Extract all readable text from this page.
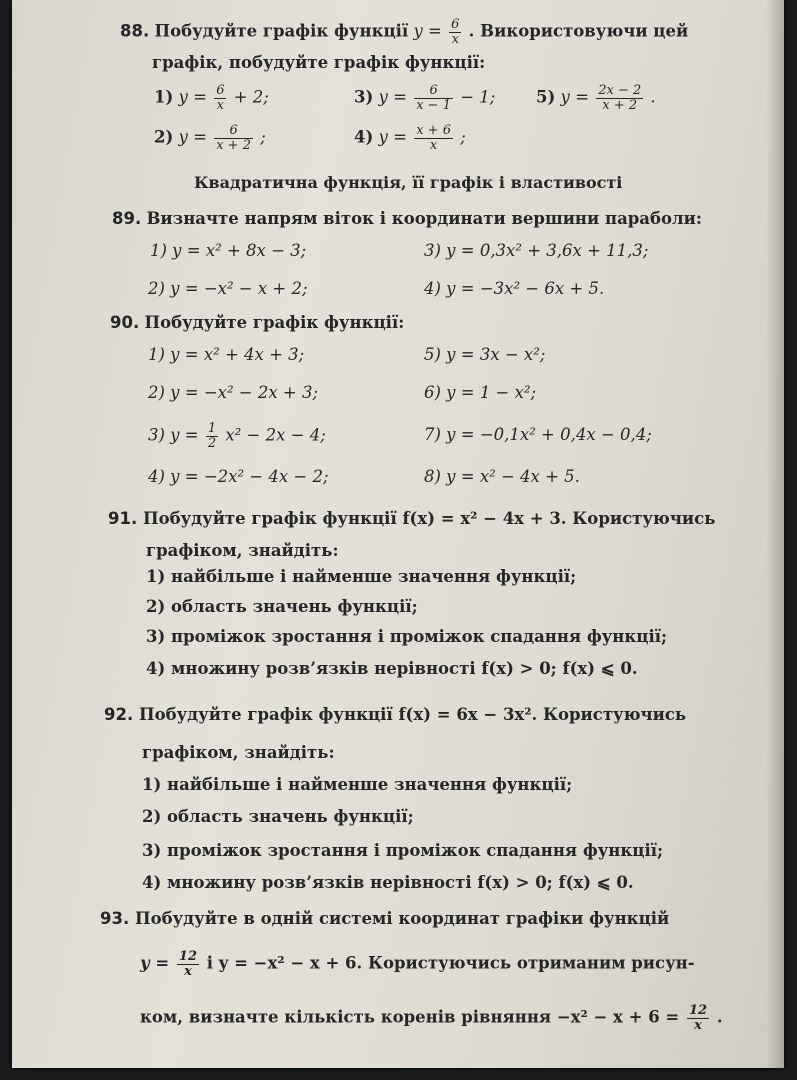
88. Побудуйте графік функції $y = \frac{6}{x}$ . Використовуючи цей
графік, побудуйте графік функції:
1) $y = \frac{6}{x} + 2$;	3) $y = \frac{6}{x - 1} - 1$; 5) $y = \frac{2x - 2}{x + 2}$ .
2) $y = \frac{6}{x + 2}$ ;	4) $y = \frac{x + 6}{x}$ ;
Квадратична функція, її графік і властивості
89. Визначте напрям віток і координати вершини параболи:
1) y = x² + 8x − 3;	3) y = 0,3x² + 3,6x + 11,3;
2) y = −x² − x + 2;	4) y = −3x² − 6x + 5.
90. Побудуйте графік функції:
1) y = x² + 4x + 3;	5) y = 3x − x²;
2) y = −x² − 2x + 3;	6) y = 1 − x²;
3) $y = \frac{1}{2} x^2 - 2x - 4$;	7) y = −0,1x² + 0,4x − 0,4;
4) y = −2x² − 4x − 2;	8) y = x² − 4x + 5.
91. Побудуйте графік функції f(x) = x² − 4x + 3. Користуючись
графіком, знайдіть:
1) найбільше і найменше значення функції;
2) область значень функції;
3) проміжок зростання і проміжок спадання функції;
4) множину розв’язків нерівності f(x) > 0; f(x) ⩽ 0.
92. Побудуйте графік функції f(x) = 6x − 3x². Користуючись
графіком, знайдіть:
1) найбільше і найменше значення функції;
2) область значень функції;
3) проміжок зростання і проміжок спадання функції;
4) множину розв’язків нерівності f(x) > 0; f(x) ⩽ 0.
93. Побудуйте в одній системі координат графіки функцій
$y = \frac{12}{x}$ і y = −x² − x + 6. Користуючись отриманим рисун-
ком, визначте кількість коренів рівняння $-x^2 - x + 6 = \frac{12}{x}$ .
